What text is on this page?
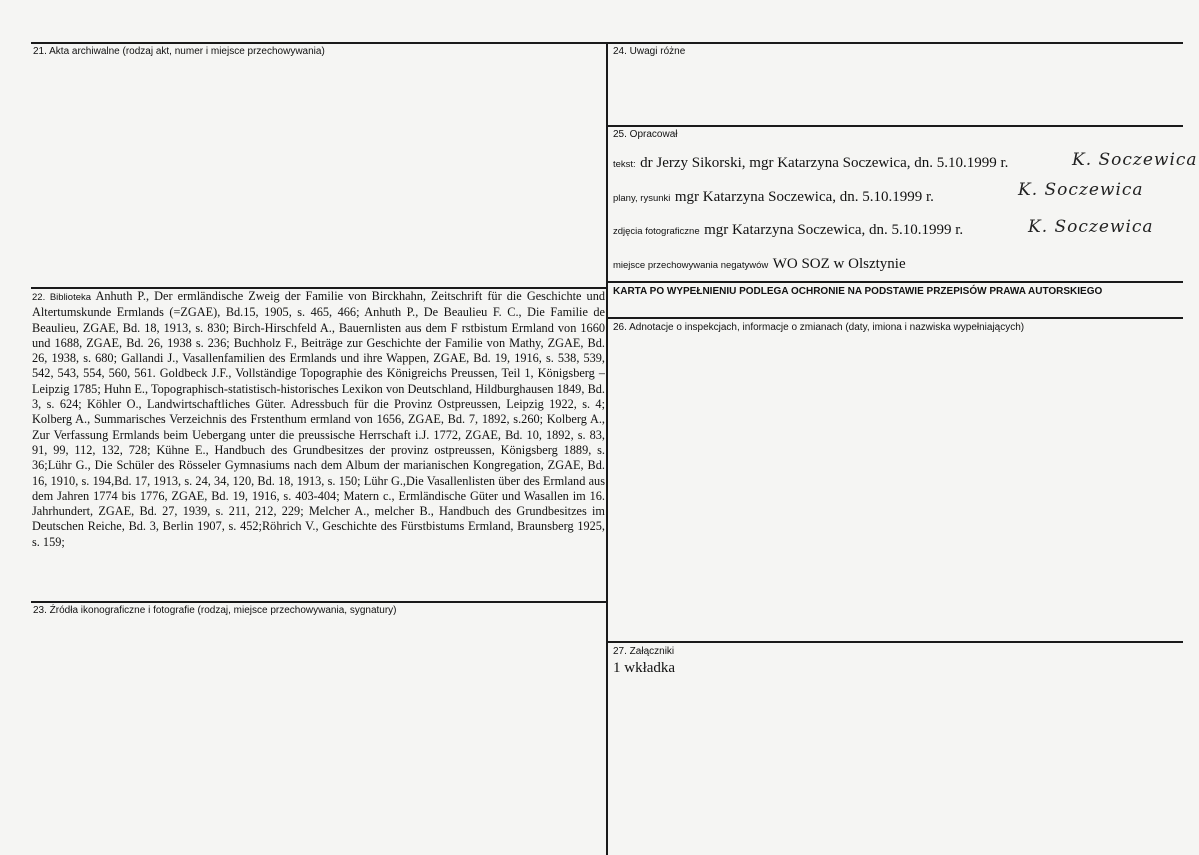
21. Akta archiwalne (rodzaj akt, numer i miejsce przechowywania)
22. Biblioteka Anhuth P., Der ermländische Zweig der Familie von Birckhahn, Zeitschrift für die Geschichte und Altertumskunde Ermlands (=ZGAE), Bd.15, 1905, s. 465, 466; Anhuth P., De Beaulieu F. C., Die Familie de Beaulieu, ZGAE, Bd. 18, 1913, s. 830; Birch-Hirschfeld A., Bauernlisten aus dem F rstbistum Ermland von 1660 und 1688, ZGAE, Bd. 26, 1938 s. 236; Buchholz F., Beiträge zur Geschichte der Familie von Mathy, ZGAE, Bd. 26, 1938, s. 680; Gallandi J., Vasallenfamilien des Ermlands und ihre Wappen, ZGAE, Bd. 19, 1916, s. 538, 539, 542, 543, 554, 560, 561. Goldbeck J.F., Vollständige Topographie des Königreichs Preussen, Teil 1, Königsberg –Leipzig 1785; Huhn E., Topographisch-statistisch-historisches Lexikon von Deutschland, Hildburghausen 1849, Bd. 3, s. 624; Köhler O., Landwirtschaftliches Güter. Adressbuch für die Provinz Ostpreussen, Leipzig 1922, s. 4; Kolberg A., Summarisches Verzeichnis des Frstenthum ermland von 1656, ZGAE, Bd. 7, 1892, s.260; Kolberg A., Zur Verfassung Ermlands beim Uebergang unter die preussische Herrschaft i.J. 1772, ZGAE, Bd. 10, 1892, s. 83, 91, 99, 112, 132, 728; Kühne E., Handbuch des Grundbesitzes der provinz ostpreussen, Königsberg 1889, s. 36;Lühr G., Die Schüler des Rösseler Gymnasiums nach dem Album der marianischen Kongregation, ZGAE, Bd. 16, 1910, s. 194,Bd. 17, 1913, s. 24, 34, 120, Bd. 18, 1913, s. 150; Lühr G.,Die Vasallenlisten über des Ermland aus dem Jahren 1774 bis 1776, ZGAE, Bd. 19, 1916, s. 403-404; Matern c., Ermländische Güter und Wasallen im 16. Jahrhundert, ZGAE, Bd. 27, 1939, s. 211, 212, 229; Melcher A., melcher B., Handbuch des Grundbesitzes im Deutschen Reiche, Bd. 3, Berlin 1907, s. 452;Röhrich V., Geschichte des Fürstbistums Ermland, Braunsberg 1925, s. 159;
23. Źródła ikonograficzne i fotografie (rodzaj, miejsce przechowywania, sygnatury)
24. Uwagi różne
25. Opracował
tekst: dr Jerzy Sikorski, mgr Katarzyna Soczewica, dn. 5.10.1999 r.	K. Soczewica
plany, rysunki mgr Katarzyna Soczewica, dn. 5.10.1999 r.	K. Soczewica
zdjęcia fotograficzne mgr Katarzyna Soczewica, dn. 5.10.1999 r.	K. Soczewica
miejsce przechowywania negatywów WO SOZ w Olsztynie
KARTA PO WYPEŁNIENIU PODLEGA OCHRONIE NA PODSTAWIE PRZEPISÓW PRAWA AUTORSKIEGO
26. Adnotacje o inspekcjach, informacje o zmianach (daty, imiona i nazwiska wypełniających)
27. Załączniki
1 wkładka
